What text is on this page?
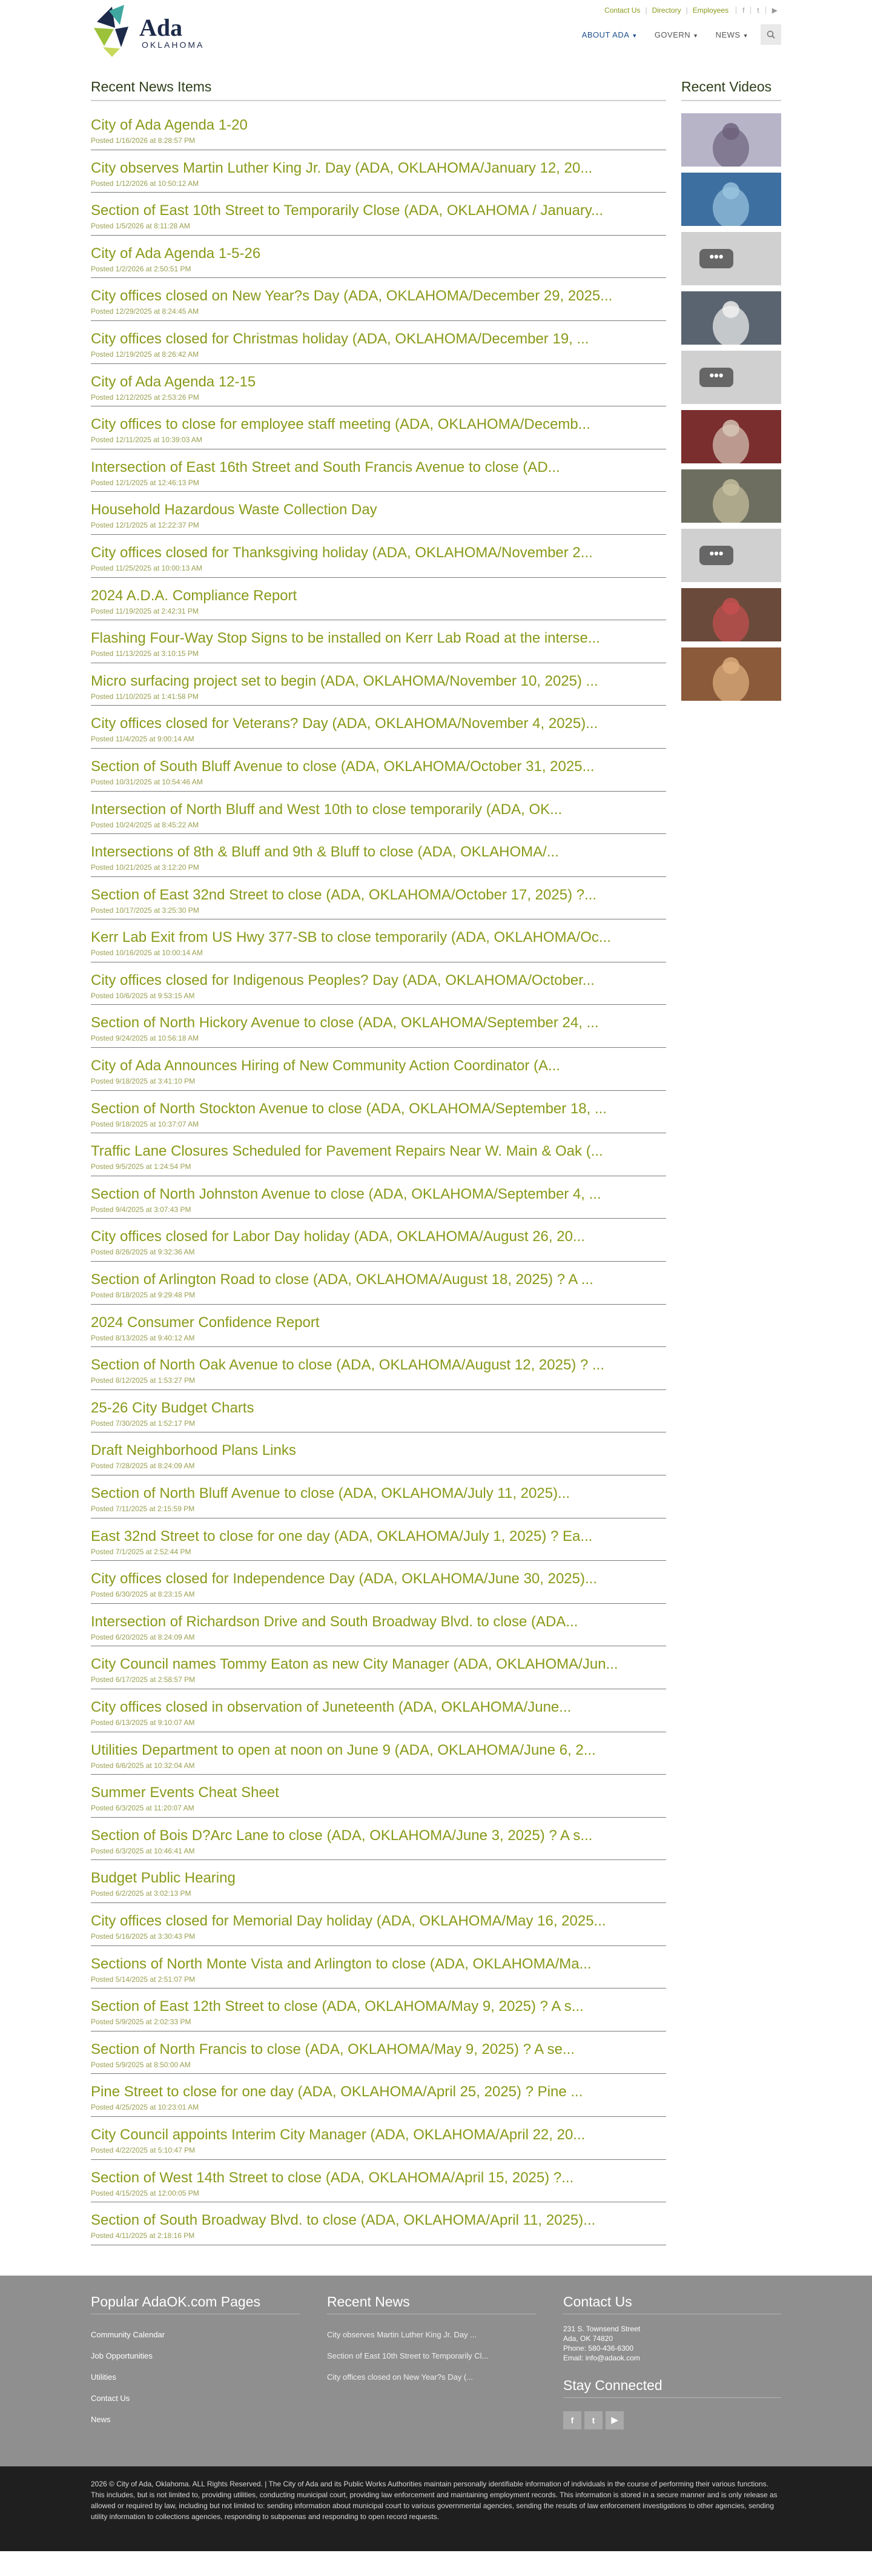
Ada
OKLAHOMA
Contact Us | Directory | Employees	f	t	▶
ABOUT ADA ▼	GOVERN ▼	NEWS ▼
Recent News Items
City of Ada Agenda 1-20
Posted 1/16/2026 at 8:28:57 PM
City observes Martin Luther King Jr. Day (ADA, OKLAHOMA/January 12, 20...
Posted 1/12/2026 at 10:50:12 AM
Section of East 10th Street to Temporarily Close (ADA, OKLAHOMA / January...
Posted 1/5/2026 at 8:11:28 AM
City of Ada Agenda 1-5-26
Posted 1/2/2026 at 2:50:51 PM
City offices closed on New Year?s Day (ADA, OKLAHOMA/December 29, 2025...
Posted 12/29/2025 at 8:24:45 AM
City offices closed for Christmas holiday (ADA, OKLAHOMA/December 19, ...
Posted 12/19/2025 at 8:26:42 AM
City of Ada Agenda 12-15
Posted 12/12/2025 at 2:53:26 PM
City offices to close for employee staff meeting (ADA, OKLAHOMA/Decemb...
Posted 12/11/2025 at 10:39:03 AM
Intersection of East 16th Street and South Francis Avenue to close (AD...
Posted 12/1/2025 at 12:46:13 PM
Household Hazardous Waste Collection Day
Posted 12/1/2025 at 12:22:37 PM
City offices closed for Thanksgiving holiday (ADA, OKLAHOMA/November 2...
Posted 11/25/2025 at 10:00:13 AM
2024 A.D.A. Compliance Report
Posted 11/19/2025 at 2:42:31 PM
Flashing Four-Way Stop Signs to be installed on Kerr Lab Road at the interse...
Posted 11/13/2025 at 3:10:15 PM
Micro surfacing project set to begin (ADA, OKLAHOMA/November 10, 2025) ...
Posted 11/10/2025 at 1:41:58 PM
City offices closed for Veterans? Day (ADA, OKLAHOMA/November 4, 2025)...
Posted 11/4/2025 at 9:00:14 AM
Section of South Bluff Avenue to close (ADA, OKLAHOMA/October 31, 2025...
Posted 10/31/2025 at 10:54:46 AM
Intersection of North Bluff and West 10th to close temporarily (ADA, OK...
Posted 10/24/2025 at 8:45:22 AM
Intersections of 8th & Bluff and 9th & Bluff to close (ADA, OKLAHOMA/...
Posted 10/21/2025 at 3:12:20 PM
Section of East 32nd Street to close (ADA, OKLAHOMA/October 17, 2025) ?...
Posted 10/17/2025 at 3:25:30 PM
Kerr Lab Exit from US Hwy 377-SB to close temporarily (ADA, OKLAHOMA/Oc...
Posted 10/16/2025 at 10:00:14 AM
City offices closed for Indigenous Peoples? Day (ADA, OKLAHOMA/October...
Posted 10/6/2025 at 9:53:15 AM
Section of North Hickory Avenue to close (ADA, OKLAHOMA/September 24, ...
Posted 9/24/2025 at 10:56:18 AM
City of Ada Announces Hiring of New Community Action Coordinator (A...
Posted 9/18/2025 at 3:41:10 PM
Section of North Stockton Avenue to close (ADA, OKLAHOMA/September 18, ...
Posted 9/18/2025 at 10:37:07 AM
Traffic Lane Closures Scheduled for Pavement Repairs Near W. Main & Oak (...
Posted 9/5/2025 at 1:24:54 PM
Section of North Johnston Avenue to close (ADA, OKLAHOMA/September 4, ...
Posted 9/4/2025 at 3:07:43 PM
City offices closed for Labor Day holiday (ADA, OKLAHOMA/August 26, 20...
Posted 8/26/2025 at 9:32:36 AM
Section of Arlington Road to close (ADA, OKLAHOMA/August 18, 2025) ? A ...
Posted 8/18/2025 at 9:29:48 PM
2024 Consumer Confidence Report
Posted 8/13/2025 at 9:40:12 AM
Section of North Oak Avenue to close (ADA, OKLAHOMA/August 12, 2025) ? ...
Posted 8/12/2025 at 1:53:27 PM
25-26 City Budget Charts
Posted 7/30/2025 at 1:52:17 PM
Draft Neighborhood Plans Links
Posted 7/28/2025 at 8:24:09 AM
Section of North Bluff Avenue to close (ADA, OKLAHOMA/July 11, 2025)...
Posted 7/11/2025 at 2:15:59 PM
East 32nd Street to close for one day (ADA, OKLAHOMA/July 1, 2025) ? Ea...
Posted 7/1/2025 at 2:52:44 PM
City offices closed for Independence Day (ADA, OKLAHOMA/June 30, 2025)...
Posted 6/30/2025 at 8:23:15 AM
Intersection of Richardson Drive and South Broadway Blvd. to close (ADA...
Posted 6/20/2025 at 8:24:09 AM
City Council names Tommy Eaton as new City Manager (ADA, OKLAHOMA/Jun...
Posted 6/17/2025 at 2:58:57 PM
City offices closed in observation of Juneteenth (ADA, OKLAHOMA/June...
Posted 6/13/2025 at 9:10:07 AM
Utilities Department to open at noon on June 9 (ADA, OKLAHOMA/June 6, 2...
Posted 6/6/2025 at 10:32:04 AM
Summer Events Cheat Sheet
Posted 6/3/2025 at 11:20:07 AM
Section of Bois D?Arc Lane to close (ADA, OKLAHOMA/June 3, 2025) ? A s...
Posted 6/3/2025 at 10:46:41 AM
Budget Public Hearing
Posted 6/2/2025 at 3:02:13 PM
City offices closed for Memorial Day holiday (ADA, OKLAHOMA/May 16, 2025...
Posted 5/16/2025 at 3:30:43 PM
Sections of North Monte Vista and Arlington to close (ADA, OKLAHOMA/Ma...
Posted 5/14/2025 at 2:51:07 PM
Section of East 12th Street to close (ADA, OKLAHOMA/May 9, 2025) ? A s...
Posted 5/9/2025 at 2:02:33 PM
Section of North Francis to close (ADA, OKLAHOMA/May 9, 2025) ? A se...
Posted 5/9/2025 at 8:50:00 AM
Pine Street to close for one day (ADA, OKLAHOMA/April 25, 2025) ? Pine ...
Posted 4/25/2025 at 10:23:01 AM
City Council appoints Interim City Manager (ADA, OKLAHOMA/April 22, 20...
Posted 4/22/2025 at 5:10:47 PM
Section of West 14th Street to close (ADA, OKLAHOMA/April 15, 2025) ?...
Posted 4/15/2025 at 12:00:05 PM
Section of South Broadway Blvd. to close (ADA, OKLAHOMA/April 11, 2025)...
Posted 4/11/2025 at 2:18:16 PM
Recent Videos
•••
•••
•••
Popular AdaOK.com Pages
Community Calendar
Job Opportunities
Utilities
Contact Us
News
Recent News
City observes Martin Luther King Jr. Day ...
Section of East 10th Street to Temporarily Cl...
City offices closed on New Year?s Day (...
Contact Us
231 S. Townsend Street
Ada, OK 74820
Phone: 580-436-6300
Email: info@adaok.com
Stay Connected
f	t	▶
2026 © City of Ada, Oklahoma. ALL Rights Reserved. | The City of Ada and its Public Works Authorities maintain personally identifiable information of individuals in the course of performing their various functions. This includes, but is not limited to, providing utilities, conducting municipal court, providing law enforcement and maintaining employment records. This information is stored in a secure manner and is only release as allowed or required by law, including but not limited to: sending information about municipal court to various governmental agencies, sending the results of law enforcement investigations to other agencies, sending utility information to collections agencies, responding to subpoenas and responding to open record requests.
